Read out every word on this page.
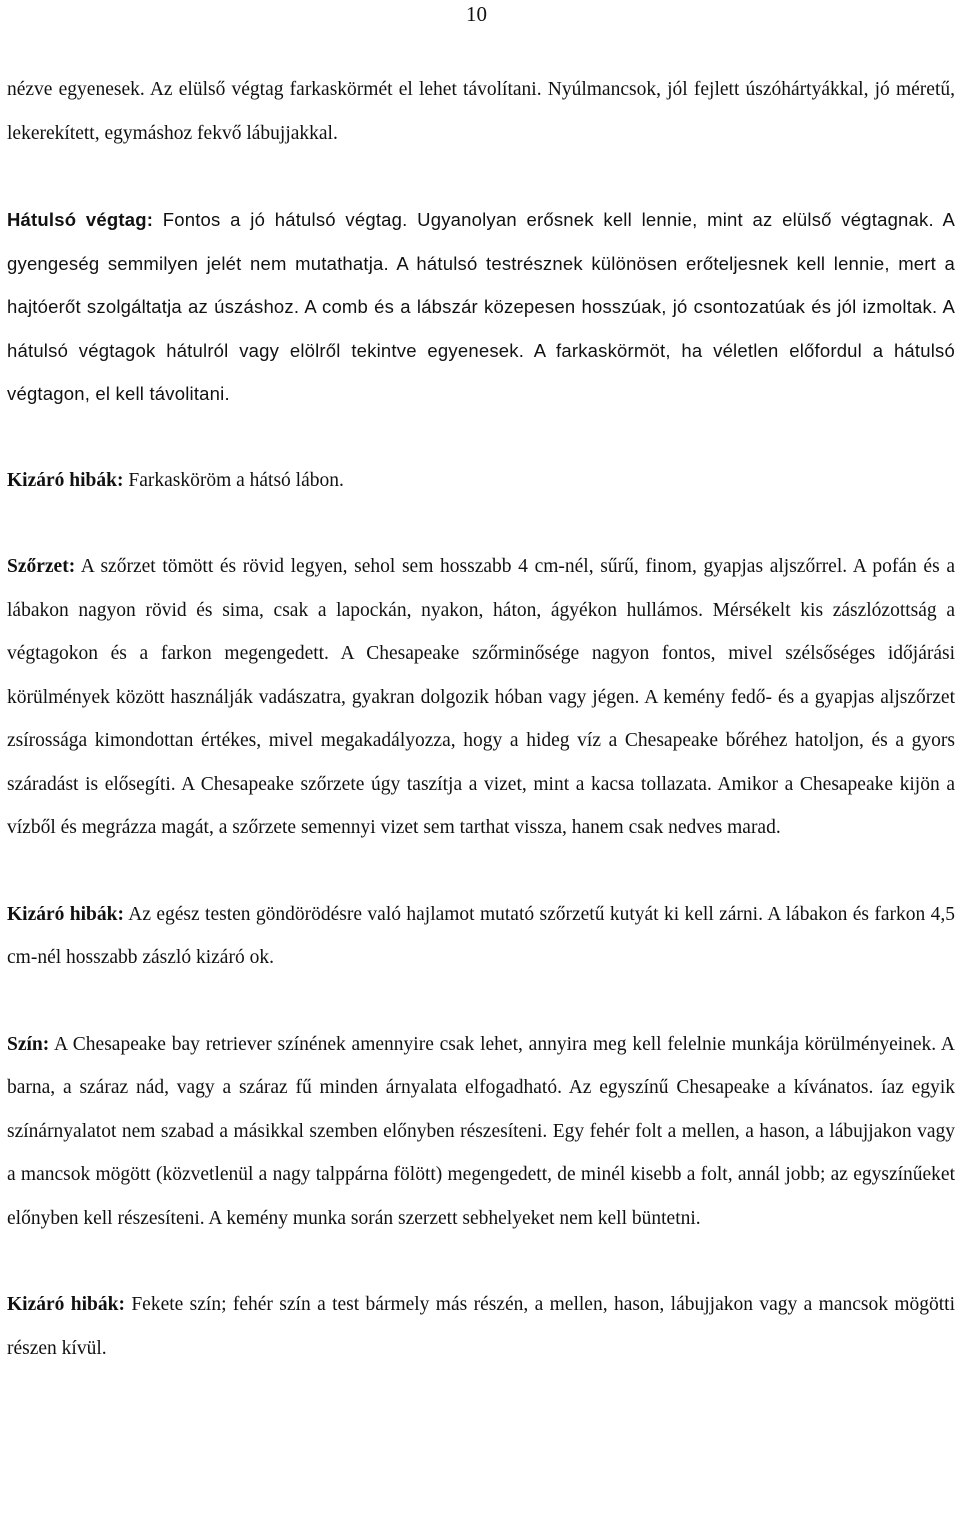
10

nézve egyenesek. Az elülső végtag farkaskörmét el lehet távolítani. Nyúlmancsok, jól fejlett úszóhártyákkal, jó méretű, lekerekített, egymáshoz fekvő lábujjakkal.

Hátulsó végtag: Fontos a jó hátulsó végtag. Ugyanolyan erősnek kell lennie, mint az elülső végtagnak. A gyengeség semmilyen jelét nem mutathatja. A hátulsó testrésznek különösen erőteljesnek kell lennie, mert a hajtóerőt szolgáltatja az úszáshoz. A comb és a lábszár közepesen hosszúak, jó csontozatúak és jól izmoltak. A hátulsó végtagok hátulról vagy elölről tekintve egyenesek. A farkaskörmöt, ha véletlen előfordul a hátulsó végtagon, el kell távolitani.

Kizáró hibák: Farkasköröm a hátsó lábon.

Szőrzet: A szőrzet tömött és rövid legyen, sehol sem hosszabb 4 cm-nél, sűrű, finom, gyapjas aljszőrrel. A pofán és a lábakon nagyon rövid és sima, csak a lapockán, nyakon, háton, ágyékon hullámos. Mérsékelt kis zászlózottság a végtagokon és a farkon megengedett. A Chesapeake szőrminősége nagyon fontos, mivel szélsőséges időjárási körülmények között használják vadászatra, gyakran dolgozik hóban vagy jégen. A kemény fedő- és a gyapjas aljszőrzet zsírossága kimondottan értékes, mivel megakadályozza, hogy a hideg víz a Chesapeake bőréhez hatoljon, és a gyors száradást is elősegíti. A Chesapeake szőrzete úgy taszítja a vizet, mint a kacsa tollazata. Amikor a Chesapeake kijön a vízből és megrázza magát, a szőrzete semennyi vizet sem tarthat vissza, hanem csak nedves marad.

Kizáró hibák: Az egész testen göndörödésre való hajlamot mutató szőrzetű kutyát ki kell zárni. A lábakon és farkon 4,5 cm-nél hosszabb zászló kizáró ok.

Szín: A Chesapeake bay retriever színének amennyire csak lehet, annyira meg kell felelnie munkája körülményeinek. A barna, a száraz nád, vagy a száraz fű minden árnyalata elfogadható. Az egyszínű Chesapeake a kívánatos. íaz egyik színárnyalatot nem szabad a másikkal szemben előnyben részesíteni. Egy fehér folt a mellen, a hason, a lábujjakon vagy a mancsok mögött (közvetlenül a nagy talppárna fölött) megengedett, de minél kisebb a folt, annál jobb; az egyszínűeket előnyben kell részesíteni. A kemény munka során szerzett sebhelyeket nem kell büntetni.

Kizáró hibák: Fekete szín; fehér szín a test bármely más részén, a mellen, hason, lábujjakon vagy a mancsok mögötti részen kívül.
